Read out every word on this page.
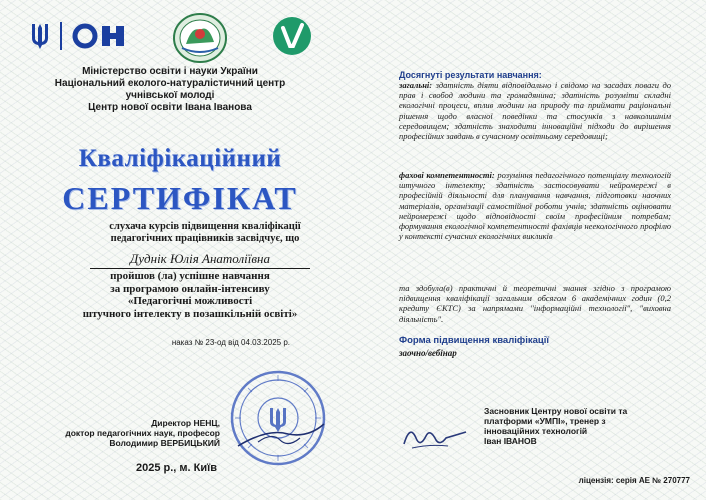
Міністерство освіти і науки України
Національний еколого-натуралістичний центр
учнівської молоді
Центр нової освіти Івана Іванова
Кваліфікаційний
СЕРТИФІКАТ
слухача курсів підвищення кваліфікації
педагогічних працівників засвідчує, що
Дуднік Юлія Анатоліївна
пройшов (ла) успішне навчання
за програмою онлайн-інтенсиву
«Педагогічні можливості
штучного інтелекту в позашкільній освіті»
наказ № 23-од від 04.03.2025 р.
Директор НЕНЦ,
доктор педагогічних наук, професор
Володимир ВЕРБИЦЬКИЙ
2025 р., м. Київ
Досягнуті результати навчання:
загальні: здатність діяти відповідально і свідомо на засадах поваги до прав і свобод людини та громадянина; здатність розуміти складні екологічні процеси, вплив людини на природу та приймати раціональні рішення щодо власної поведінки та стосунків з навколишнім середовищем; здатність знаходити інноваційні підходи до вирішення професійних завдань в сучасному освітньому середовищі;
фахові компетентності: розуміння педагогічного потенціалу технологій штучного інтелекту; здатність застосовувати нейромережі в професійній діяльності для планування навчання, підготовки наочних матеріалів, організації самостійної роботи учнів; здатність оцінювати нейромережі щодо відповідності своїм професійним потребам; формування екологічної компетентності фахівців неекологічного профілю у контексті сучасних екологічних викликів
та здобула(в) практичні й теоретичні знання згідно з програмою підвищення кваліфікації загальним обсягом 6 академічних годин (0,2 кредиту ЄКТС) за напрямами "інформаційні технології", "виховна діяльність".
Форма підвищення кваліфікації
заочно/вебінар
Засновник Центру нової освіти та
платформи «УМПІ», тренер з
інноваційних технологій
Іван ІВАНОВ
ліцензія: серія АЕ № 270777
